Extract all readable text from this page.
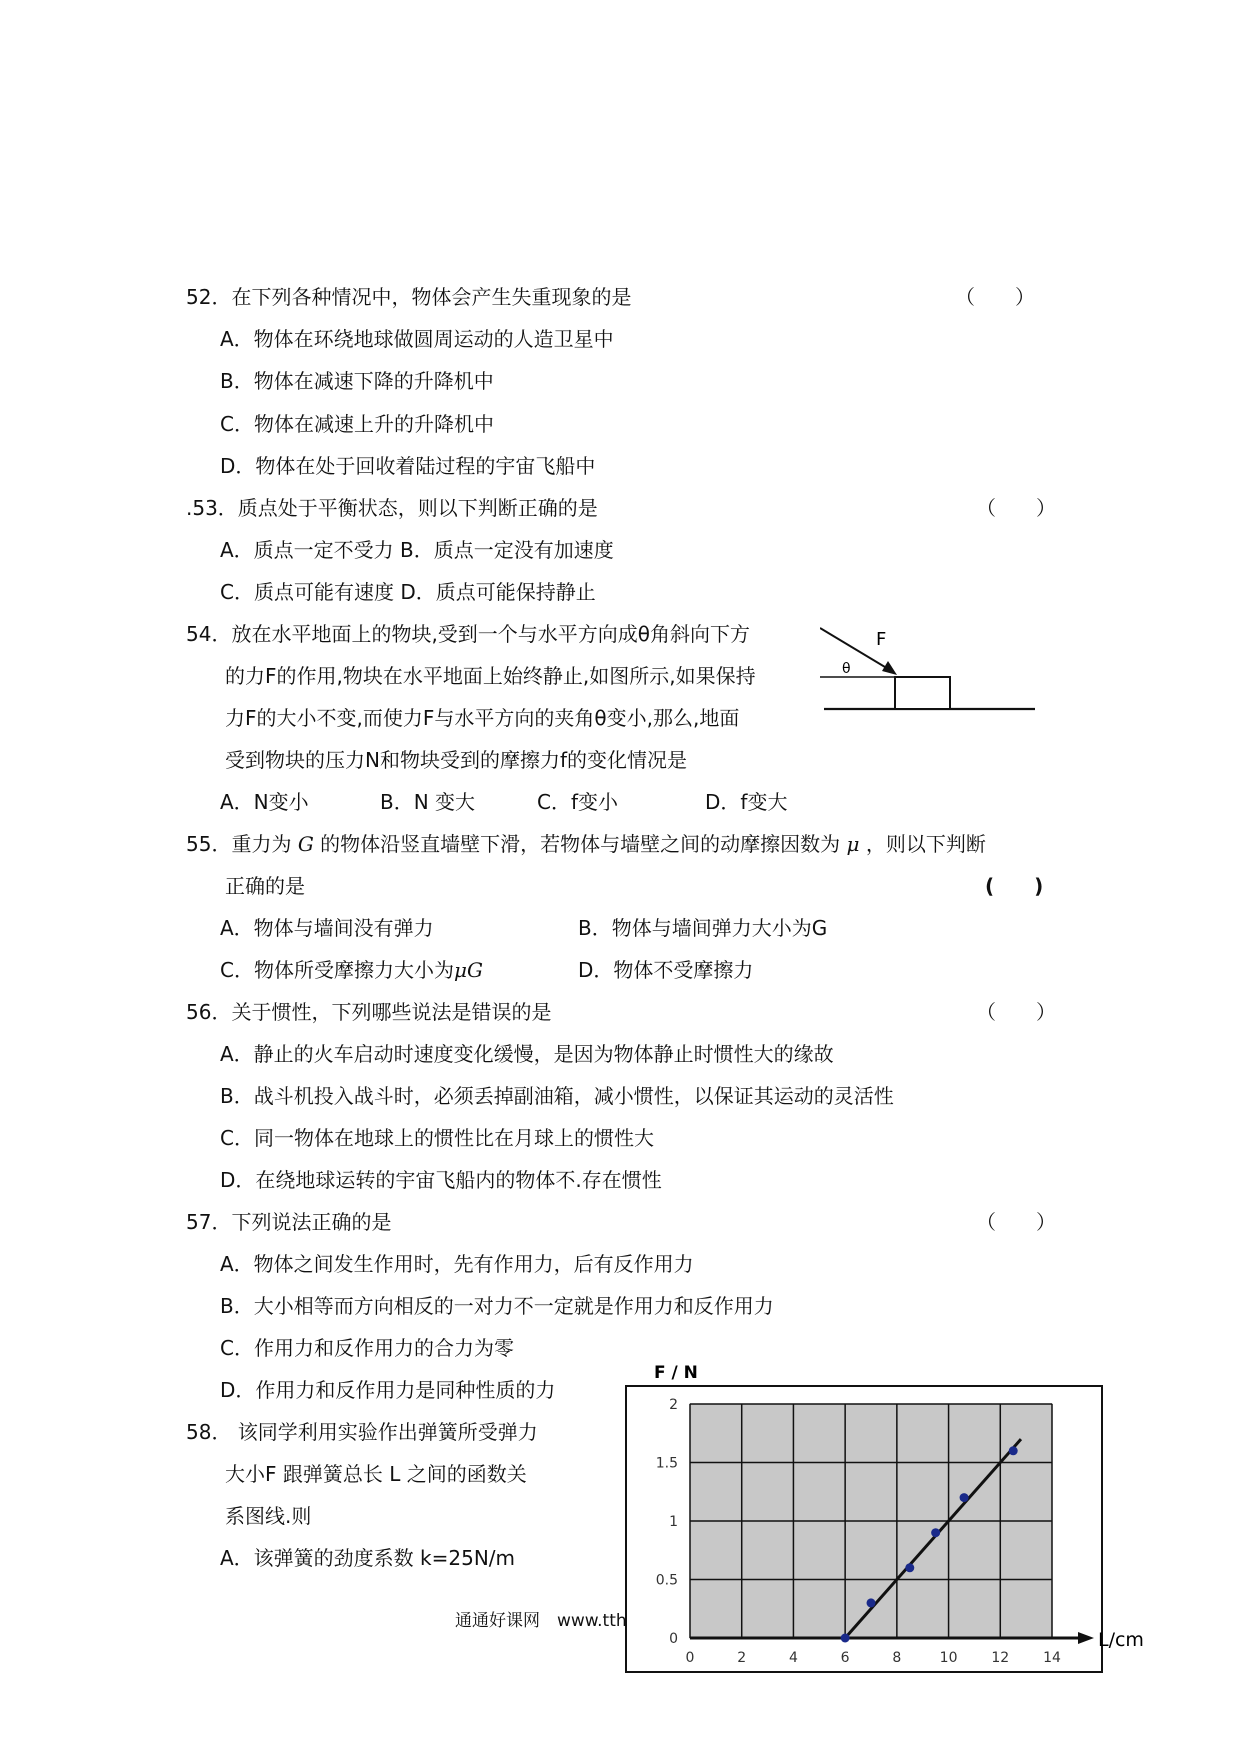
52．在下列各种情况中，物体会产生失重现象的是	（　　）
A．物体在环绕地球做圆周运动的人造卫星中
B．物体在减速下降的升降机中
C．物体在减速上升的升降机中
D．物体在处于回收着陆过程的宇宙飞船中
.53．质点处于平衡状态，则以下判断正确的是	（　　）
A．质点一定不受力 B．质点一定没有加速度
C．质点可能有速度 D．质点可能保持静止
54．放在水平地面上的物块,受到一个与水平方向成θ角斜向下方
的力F的作用,物块在水平地面上始终静止,如图所示,如果保持
力F的大小不变,而使力F与水平方向的夹角θ变小,那么,地面
受到物块的压力N和物块受到的摩擦力f的变化情况是
A．N变小	B．N 变大	C．f变小	D．f变大
F
θ
55．重力为 G 的物体沿竖直墙壁下滑，若物体与墙壁之间的动摩擦因数为 μ ，则以下判断
正确的是	(　　)
A．物体与墙间没有弹力	B．物体与墙间弹力大小为G
C．物体所受摩擦力大小为μG	D．物体不受摩擦力
56．关于惯性，下列哪些说法是错误的是	（　　）
A．静止的火车启动时速度变化缓慢，是因为物体静止时惯性大的缘故
B．战斗机投入战斗时，必须丢掉副油箱，减小惯性，以保证其运动的灵活性
C．同一物体在地球上的惯性比在月球上的惯性大
D．在绕地球运转的宇宙飞船内的物体不.存在惯性
57．下列说法正确的是	（　　）
A．物体之间发生作用时，先有作用力，后有反作用力
B．大小相等而方向相反的一对力不一定就是作用力和反作用力
C．作用力和反作用力的合力为零
D．作用力和反作用力是同种性质的力
58． 该同学利用实验作出弹簧所受弹力
大小F 跟弹簧总长 L 之间的函数关
系图线.则
A．该弹簧的劲度系数 k=25N/m
0
0.5
1
1.5
2
0	2	4	6	8	10 12 14
F / N
L/cm
通通好课网　www.tth
